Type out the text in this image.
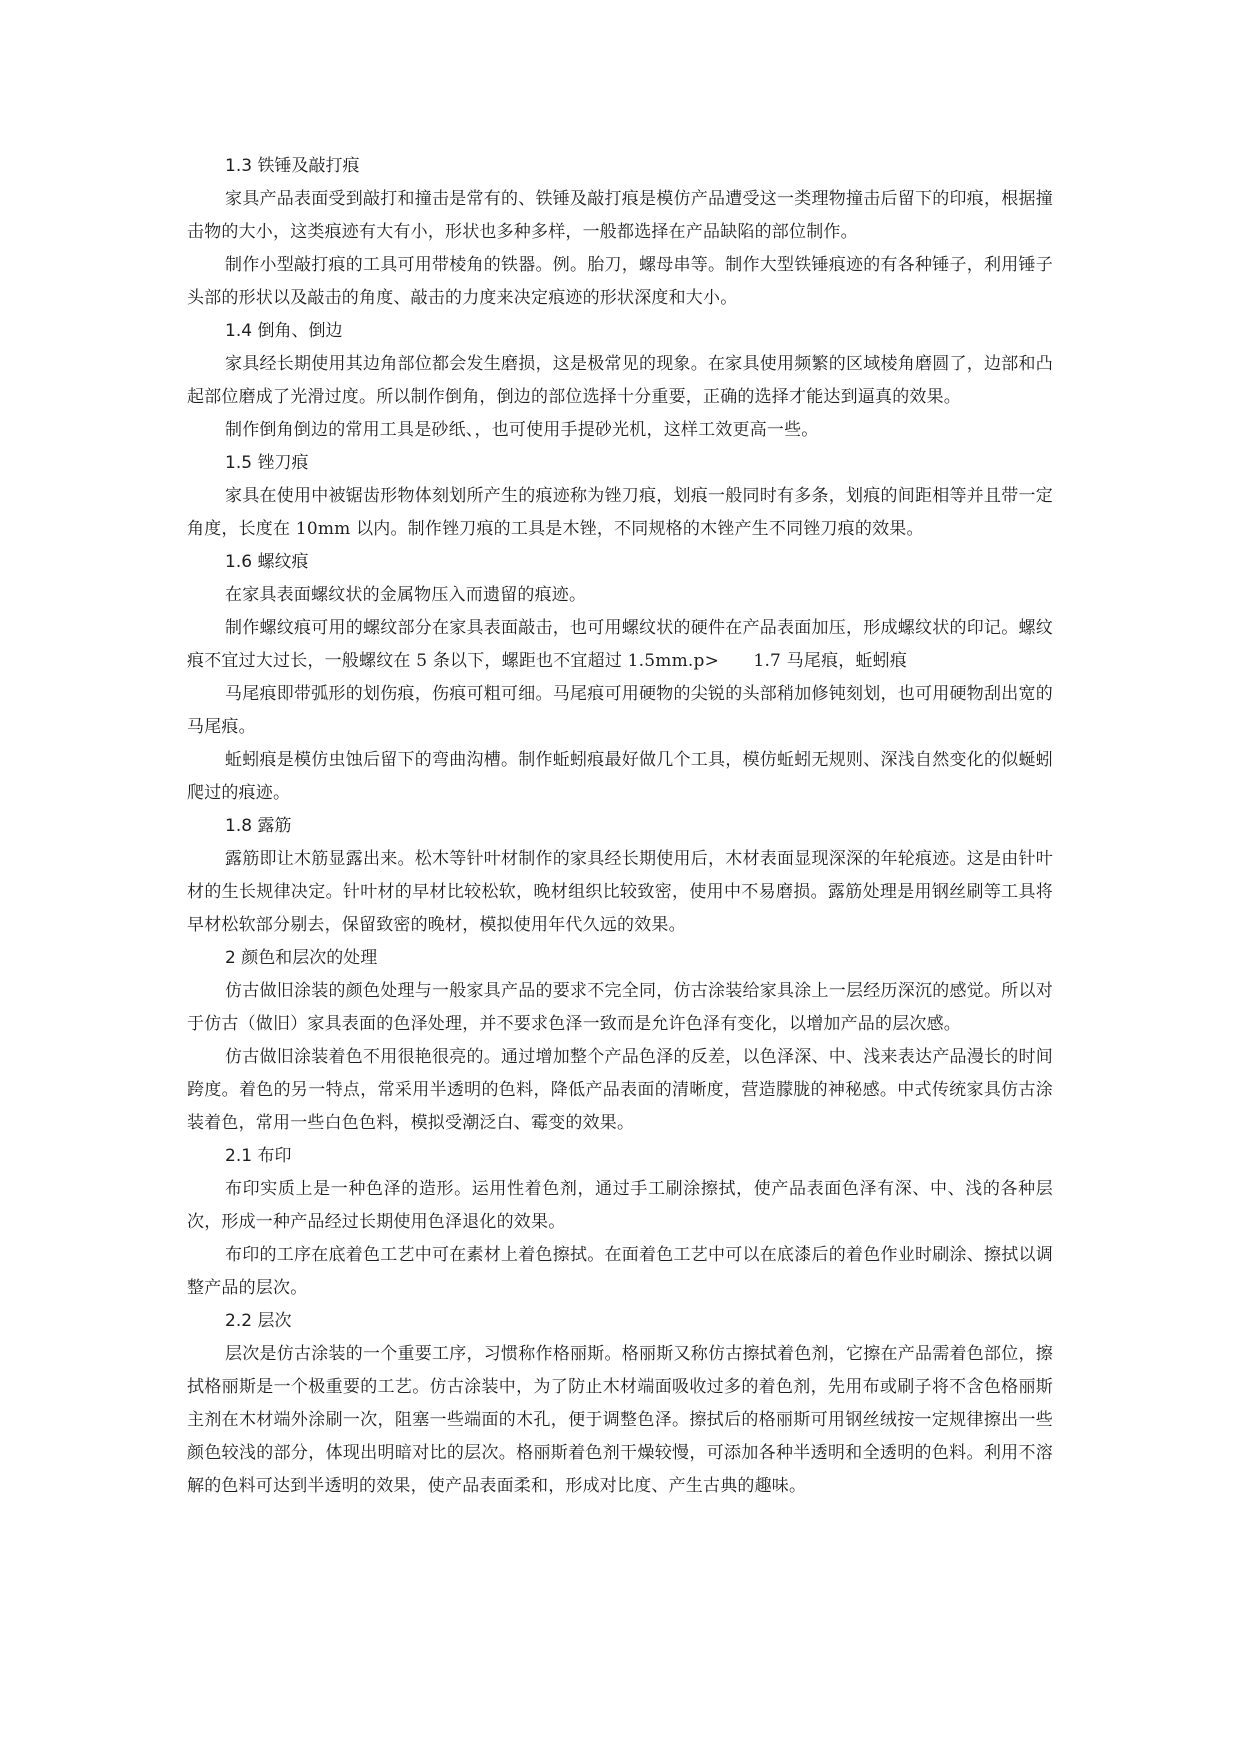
1.3 铁锤及敲打痕

家具产品表面受到敲打和撞击是常有的、铁锤及敲打痕是模仿产品遭受这一类理物撞击后留下的印痕，根据撞击物的大小，这类痕迹有大有小，形状也多种多样，一般都选择在产品缺陷的部位制作。

制作小型敲打痕的工具可用带棱角的铁器。例。胎刀，螺母串等。制作大型铁锤痕迹的有各种锤子，利用锤子头部的形状以及敲击的角度、敲击的力度来决定痕迹的形状深度和大小。

1.4 倒角、倒边

家具经长期使用其边角部位都会发生磨损，这是极常见的现象。在家具使用频繁的区域棱角磨圆了，边部和凸起部位磨成了光滑过度。所以制作倒角，倒边的部位选择十分重要，正确的选择才能达到逼真的效果。

制作倒角倒边的常用工具是砂纸、，也可使用手提砂光机，这样工效更高一些。

1.5 锉刀痕

家具在使用中被锯齿形物体刻划所产生的痕迹称为锉刀痕，划痕一般同时有多条，划痕的间距相等并且带一定角度，长度在 10mm 以内。制作锉刀痕的工具是木锉，不同规格的木锉产生不同锉刀痕的效果。

1.6 螺纹痕

在家具表面螺纹状的金属物压入而遗留的痕迹。

制作螺纹痕可用的螺纹部分在家具表面敲击，也可用螺纹状的硬件在产品表面加压，形成螺纹状的印记。螺纹痕不宜过大过长，一般螺纹在 5 条以下，螺距也不宜超过 1.5mm.p>　　1.7 马尾痕，蚯蚓痕

马尾痕即带弧形的划伤痕，伤痕可粗可细。马尾痕可用硬物的尖锐的头部稍加修钝刻划，也可用硬物刮出宽的马尾痕。

蚯蚓痕是模仿虫蚀后留下的弯曲沟槽。制作蚯蚓痕最好做几个工具，模仿蚯蚓无规则、深浅自然变化的似蜒蚓爬过的痕迹。

1.8 露筋

露筋即让木筋显露出来。松木等针叶材制作的家具经长期使用后，木材表面显现深深的年轮痕迹。这是由针叶材的生长规律决定。针叶材的早材比较松软，晚材组织比较致密，使用中不易磨损。露筋处理是用钢丝刷等工具将早材松软部分剔去，保留致密的晚材，模拟使用年代久远的效果。

2 颜色和层次的处理

仿古做旧涂装的颜色处理与一般家具产品的要求不完全同，仿古涂装给家具涂上一层经历深沉的感觉。所以对于仿古（做旧）家具表面的色泽处理，并不要求色泽一致而是允许色泽有变化，以增加产品的层次感。

仿古做旧涂装着色不用很艳很亮的。通过增加整个产品色泽的反差，以色泽深、中、浅来表达产品漫长的时间跨度。着色的另一特点，常采用半透明的色料，降低产品表面的清晰度，营造朦胧的神秘感。中式传统家具仿古涂装着色，常用一些白色色料，模拟受潮泛白、霉变的效果。

2.1 布印

布印实质上是一种色泽的造形。运用性着色剂，通过手工刷涂擦拭，使产品表面色泽有深、中、浅的各种层次，形成一种产品经过长期使用色泽退化的效果。

布印的工序在底着色工艺中可在素材上着色擦拭。在面着色工艺中可以在底漆后的着色作业时刷涂、擦拭以调整产品的层次。

2.2 层次

层次是仿古涂装的一个重要工序，习惯称作格丽斯。格丽斯又称仿古擦拭着色剂，它擦在产品需着色部位，擦拭格丽斯是一个极重要的工艺。仿古涂装中，为了防止木材端面吸收过多的着色剂，先用布或刷子将不含色格丽斯主剂在木材端外涂刷一次，阻塞一些端面的木孔，便于调整色泽。擦拭后的格丽斯可用钢丝绒按一定规律擦出一些颜色较浅的部分，体现出明暗对比的层次。格丽斯着色剂干燥较慢，可添加各种半透明和全透明的色料。利用不溶解的色料可达到半透明的效果，使产品表面柔和，形成对比度、产生古典的趣味。
